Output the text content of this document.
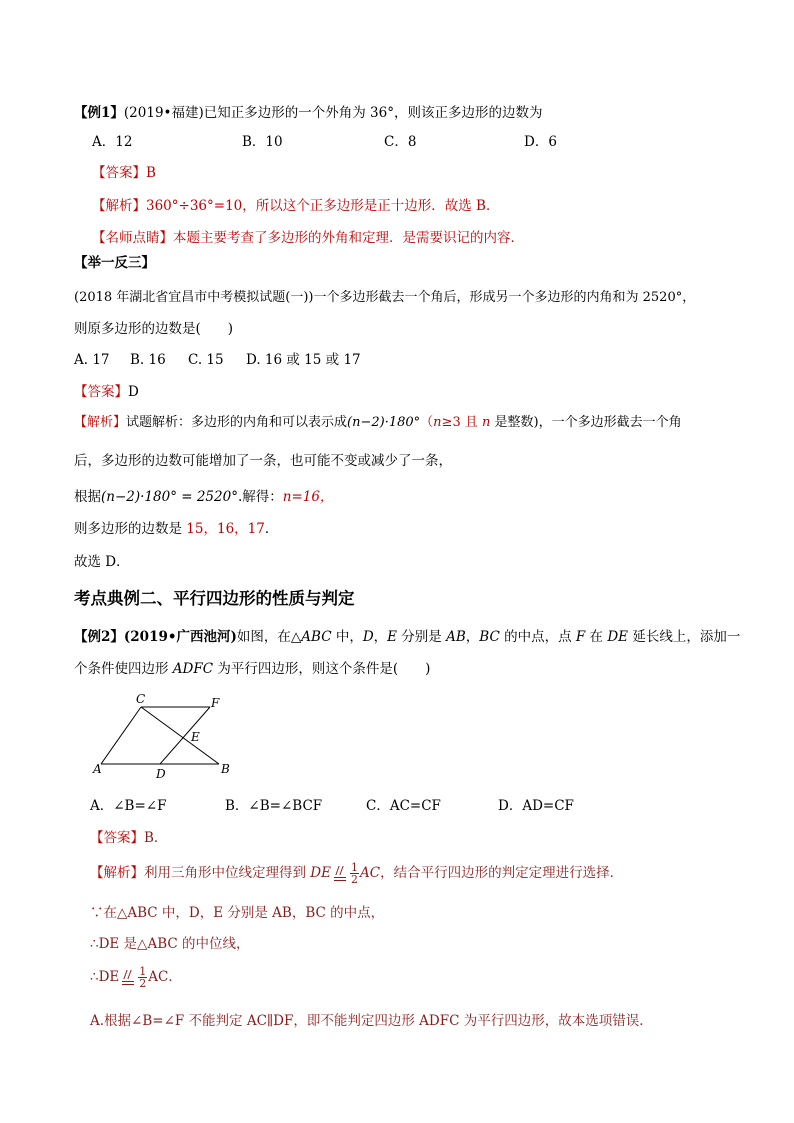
【例1】(2019•福建)已知正多边形的一个外角为 36°，则该正多边形的边数为
A．12	B．10	C．8	D．6
【答案】B
【解析】360°÷36°=10，所以这个正多边形是正十边形．故选 B．
【名师点睛】本题主要考查了多边形的外角和定理．是需要识记的内容．
【举一反三】
(2018 年湖北省宜昌市中考模拟试题(一))一个多边形截去一个角后，形成另一个多边形的内角和为 2520°，
则原多边形的边数是(　　)
A. 17 B. 16 C. 15 D. 16 或 15 或 17
【答案】D
【解析】试题解析：多边形的内角和可以表示成(n−2)·180°（n≥3 且 n 是整数)，一个多边形截去一个角
后，多边形的边数可能增加了一条，也可能不变或减少了一条，
根据(n−2)·180° = 2520°.解得：n=16，
则多边形的边数是 15，16，17．
故选 D．
考点典例二、平行四边形的性质与判定
【例2】(2019•广西池河)如图，在△ABC 中，D，E 分别是 AB，BC 的中点，点 F 在 DE 延长线上，添加一
个条件使四边形 ADFC 为平行四边形，则这个条件是(　　)
C	F
E
A	D	B
A．∠B=∠F	B．∠B=∠BCF	C．AC=CF	D．AD=CF
【答案】B．
【解析】利用三角形中位线定理得到 DE $\frac{1}{2}$ AC，结合平行四边形的判定定理进行选择．
∵在△ABC 中，D，E 分别是 AB，BC 的中点，
∴DE 是△ABC 的中位线，
∴DE $\frac{1}{2}$ AC．
A.根据∠B=∠F 不能判定 AC∥DF，即不能判定四边形 ADFC 为平行四边形，故本选项错误．
